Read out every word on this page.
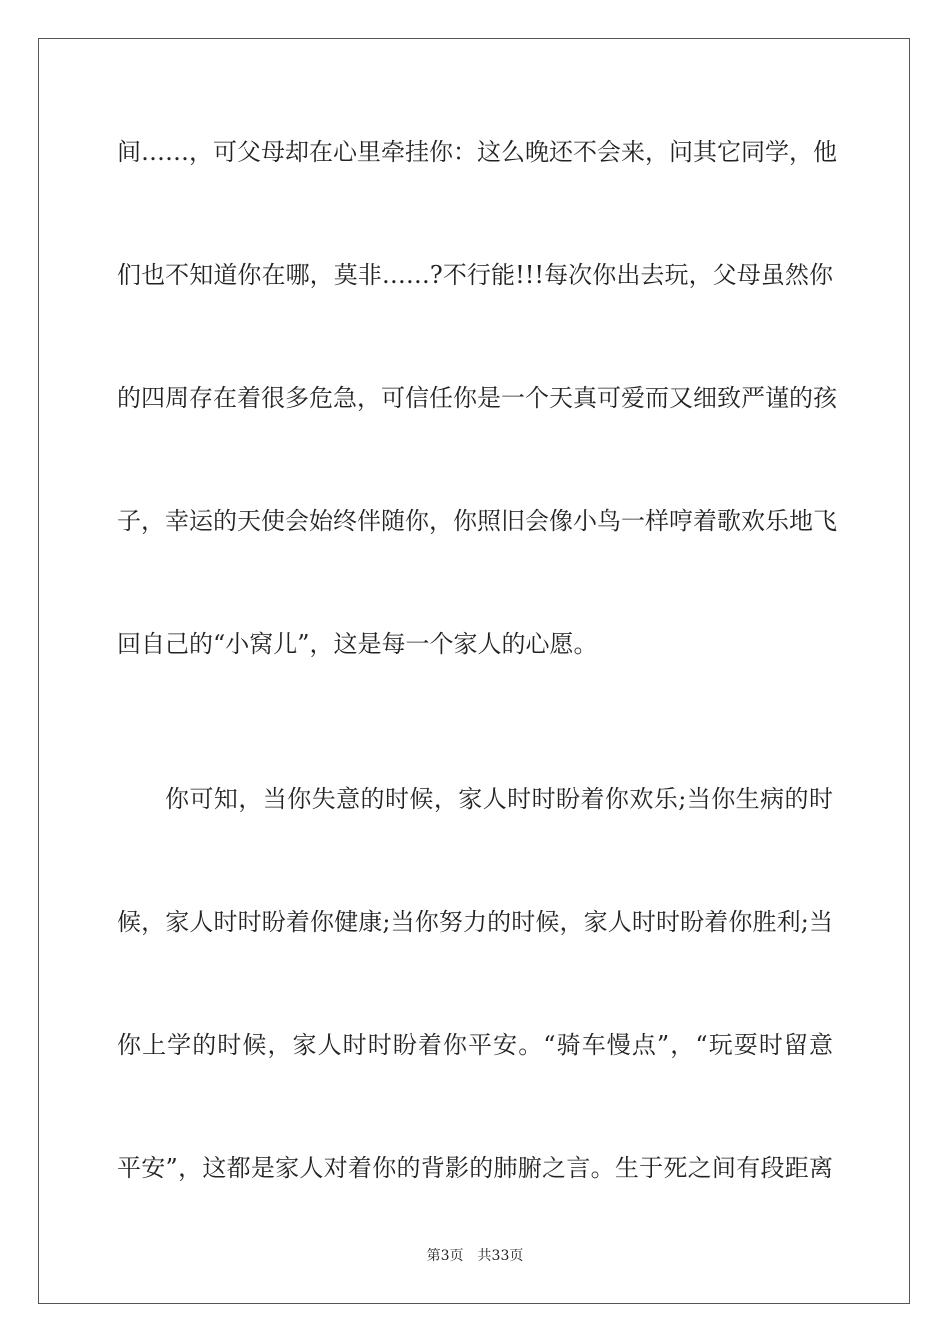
间……，可父母却在心里牵挂你：这么晚还不会来，问其它同学，他
们也不知道你在哪，莫非……?不行能!!!每次你出去玩，父母虽然你
的四周存在着很多危急，可信任你是一个天真可爱而又细致严谨的孩
子，幸运的天使会始终伴随你，你照旧会像小鸟一样哼着歌欢乐地飞
回自己的“小窝儿”，这是每一个家人的心愿。
你可知，当你失意的时候，家人时时盼着你欢乐;当你生病的时
候，家人时时盼着你健康;当你努力的时候，家人时时盼着你胜利;当
你上学的时候，家人时时盼着你平安。“骑车慢点”，“玩耍时留意
平安”，这都是家人对着你的背影的肺腑之言。生于死之间有段距离
第3页 共33页
